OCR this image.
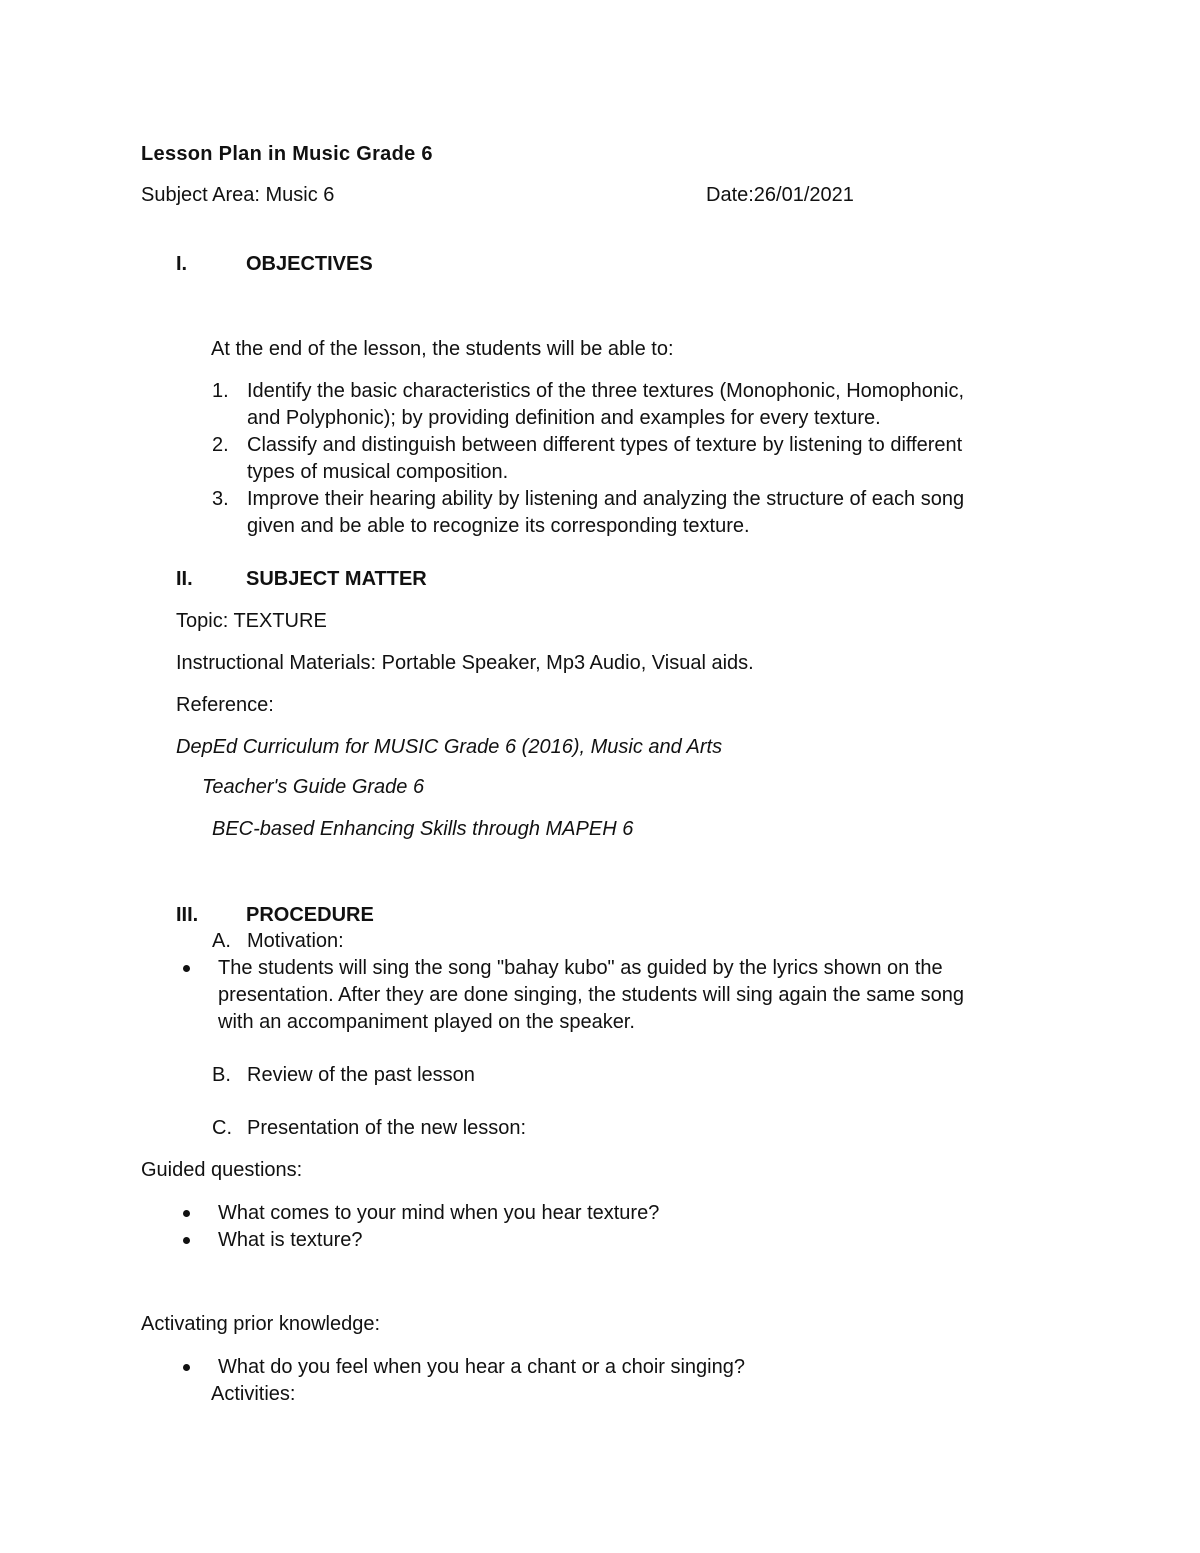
Lesson Plan in Music Grade 6
Subject Area: Music 6	Date:26/01/2021
I.	OBJECTIVES
At the end of the lesson, the students will be able to:
1. Identify the basic characteristics of the three textures (Monophonic, Homophonic,
and Polyphonic); by providing definition and examples for every texture.
2. Classify and distinguish between different types of texture by listening to different
types of musical composition.
3. Improve their hearing ability by listening and analyzing the structure of each song
given and be able to recognize its corresponding texture.
II.	SUBJECT MATTER
Topic: TEXTURE
Instructional Materials: Portable Speaker, Mp3 Audio, Visual aids.
Reference:
DepEd Curriculum for MUSIC Grade 6 (2016), Music and Arts
Teacher's Guide Grade 6
BEC-based Enhancing Skills through MAPEH 6
III. PROCEDURE
A. Motivation:
The students will sing the song "bahay kubo" as guided by the lyrics shown on the
presentation. After they are done singing, the students will sing again the same song
with an accompaniment played on the speaker.
B. Review of the past lesson
C. Presentation of the new lesson:
Guided questions:
What comes to your mind when you hear texture?
What is texture?
Activating prior knowledge:
What do you feel when you hear a chant or a choir singing?
Activities:
